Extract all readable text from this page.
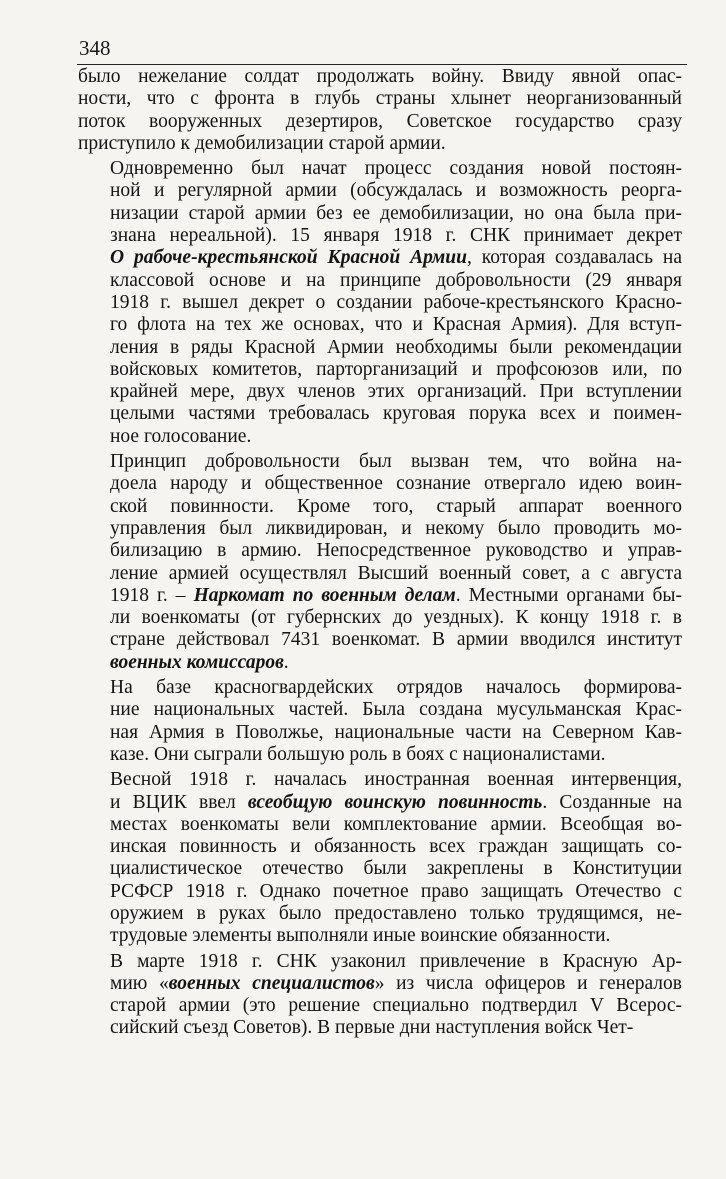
348

было нежелание солдат продолжать войну. Ввиду явной опас-
ности, что с фронта в глубь страны хлынет неорганизованный
поток вооруженных дезертиров, Советское государство сразу
приступило к демобилизации старой армии.

Одновременно был начат процесс создания новой постоян-
ной и регулярной армии (обсуждалась и возможность реорга-
низации старой армии без ее демобилизации, но она была при-
знана нереальной). 15 января 1918 г. СНК принимает декрет
О рабоче-крестьянской Красной Армии, которая создавалась на
классовой основе и на принципе добровольности (29 января
1918 г. вышел декрет о создании рабоче-крестьянского Красно-
го флота на тех же основах, что и Красная Армия). Для вступ-
ления в ряды Красной Армии необходимы были рекомендации
войсковых комитетов, парторганизаций и профсоюзов или, по
крайней мере, двух членов этих организаций. При вступлении
целыми частями требовалась круговая порука всех и поимен-
ное голосование.

Принцип добровольности был вызван тем, что война на-
доела народу и общественное сознание отвергало идею воин-
ской повинности. Кроме того, старый аппарат военного
управления был ликвидирован, и некому было проводить мо-
билизацию в армию. Непосредственное руководство и управ-
ление армией осуществлял Высший военный совет, а с августа
1918 г. – Наркомат по военным делам. Местными органами бы-
ли военкоматы (от губернских до уездных). К концу 1918 г. в
стране действовал 7431 военкомат. В армии вводился институт
военных комиссаров.

На базе красногвардейских отрядов началось формирова-
ние национальных частей. Была создана мусульманская Крас-
ная Армия в Поволжье, национальные части на Северном Кав-
казе. Они сыграли большую роль в боях с националистами.

Весной 1918 г. началась иностранная военная интервенция,
и ВЦИК ввел всеобщую воинскую повинность. Созданные на
местах военкоматы вели комплектование армии. Всеобщая во-
инская повинность и обязанность всех граждан защищать со-
циалистическое отечество были закреплены в Конституции
РСФСР 1918 г. Однако почетное право защищать Отечество с
оружием в руках было предоставлено только трудящимся, не-
трудовые элементы выполняли иные воинские обязанности.

В марте 1918 г. СНК узаконил привлечение в Красную Ар-
мию «военных специалистов» из числа офицеров и генералов
старой армии (это решение специально подтвердил V Всерос-
сийский съезд Советов). В первые дни наступления войск Чет-
